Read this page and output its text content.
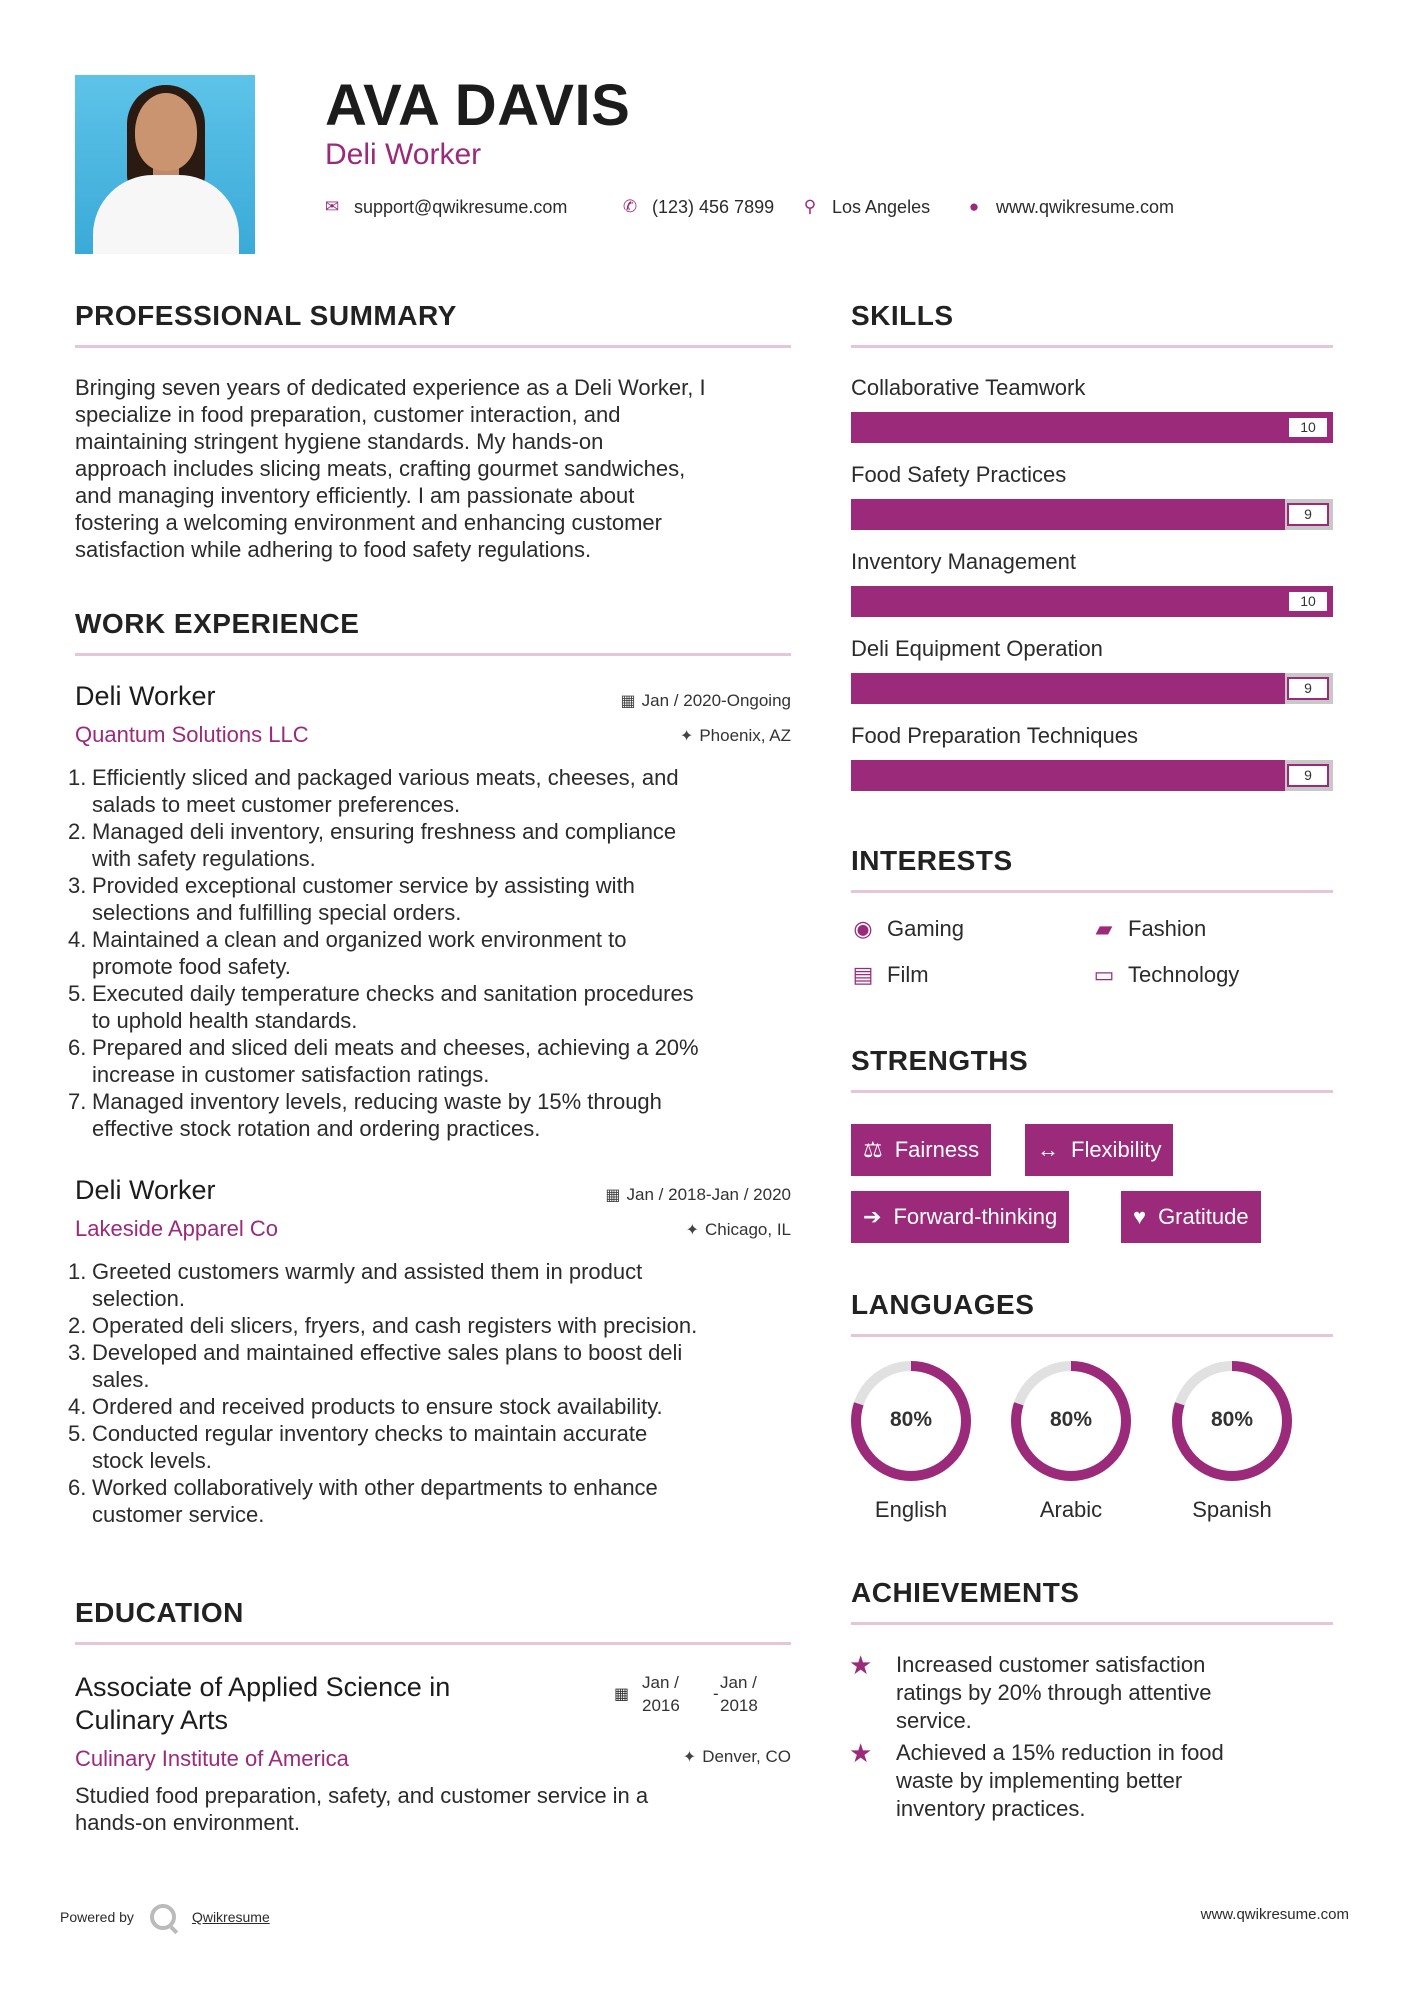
AVA DAVIS
Deli Worker
✉ support@qwikresume.com	✆ (123) 456 7899 ⚲ Los Angeles ● www.qwikresume.com
PROFESSIONAL SUMMARY
Bringing seven years of dedicated experience as a Deli Worker, I
specialize in food preparation, customer interaction, and
maintaining stringent hygiene standards. My hands-on
approach includes slicing meats, crafting gourmet sandwiches,
and managing inventory efficiently. I am passionate about
fostering a welcoming environment and enhancing customer
satisfaction while adhering to food safety regulations.
WORK EXPERIENCE
Deli Worker
Quantum Solutions LLC
▦ Jan / 2020-Ongoing
✦ Phoenix, AZ
1. Efficiently sliced and packaged various meats, cheeses, and
salads to meet customer preferences.
2. Managed deli inventory, ensuring freshness and compliance
with safety regulations.
3. Provided exceptional customer service by assisting with
selections and fulfilling special orders.
4. Maintained a clean and organized work environment to
promote food safety.
5. Executed daily temperature checks and sanitation procedures
to uphold health standards.
6. Prepared and sliced deli meats and cheeses, achieving a 20%
increase in customer satisfaction ratings.
7. Managed inventory levels, reducing waste by 15% through
effective stock rotation and ordering practices.
Deli Worker
Lakeside Apparel Co
▦ Jan / 2018-Jan / 2020
✦ Chicago, IL
1. Greeted customers warmly and assisted them in product
selection.
2. Operated deli slicers, fryers, and cash registers with precision.
3. Developed and maintained effective sales plans to boost deli
sales.
4. Ordered and received products to ensure stock availability.
5. Conducted regular inventory checks to maintain accurate
stock levels.
6. Worked collaboratively with other departments to enhance
customer service.
EDUCATION
Associate of Applied Science in
Culinary Arts
▦
Jan /
2016
-
Jan /
2018
Culinary Institute of America	✦ Denver, CO
Studied food preparation, safety, and customer service in a
hands-on environment.
SKILLS
Collaborative Teamwork
10
Food Safety Practices
9
Inventory Management
10
Deli Equipment Operation
9
Food Preparation Techniques
9
INTERESTS
◉ Gaming	▰ Fashion
▤ Film	▭ Technology
STRENGTHS
⚖ Fairness	↔ Flexibility
➔ Forward-thinking	♥ Gratitude
LANGUAGES
80%
English
80%
Arabic
80%
Spanish
ACHIEVEMENTS
★ Increased customer satisfaction
ratings by 20% through attentive
service.
★ Achieved a 15% reduction in food
waste by implementing better
inventory practices.
Powered by	Qwikresume	www.qwikresume.com
